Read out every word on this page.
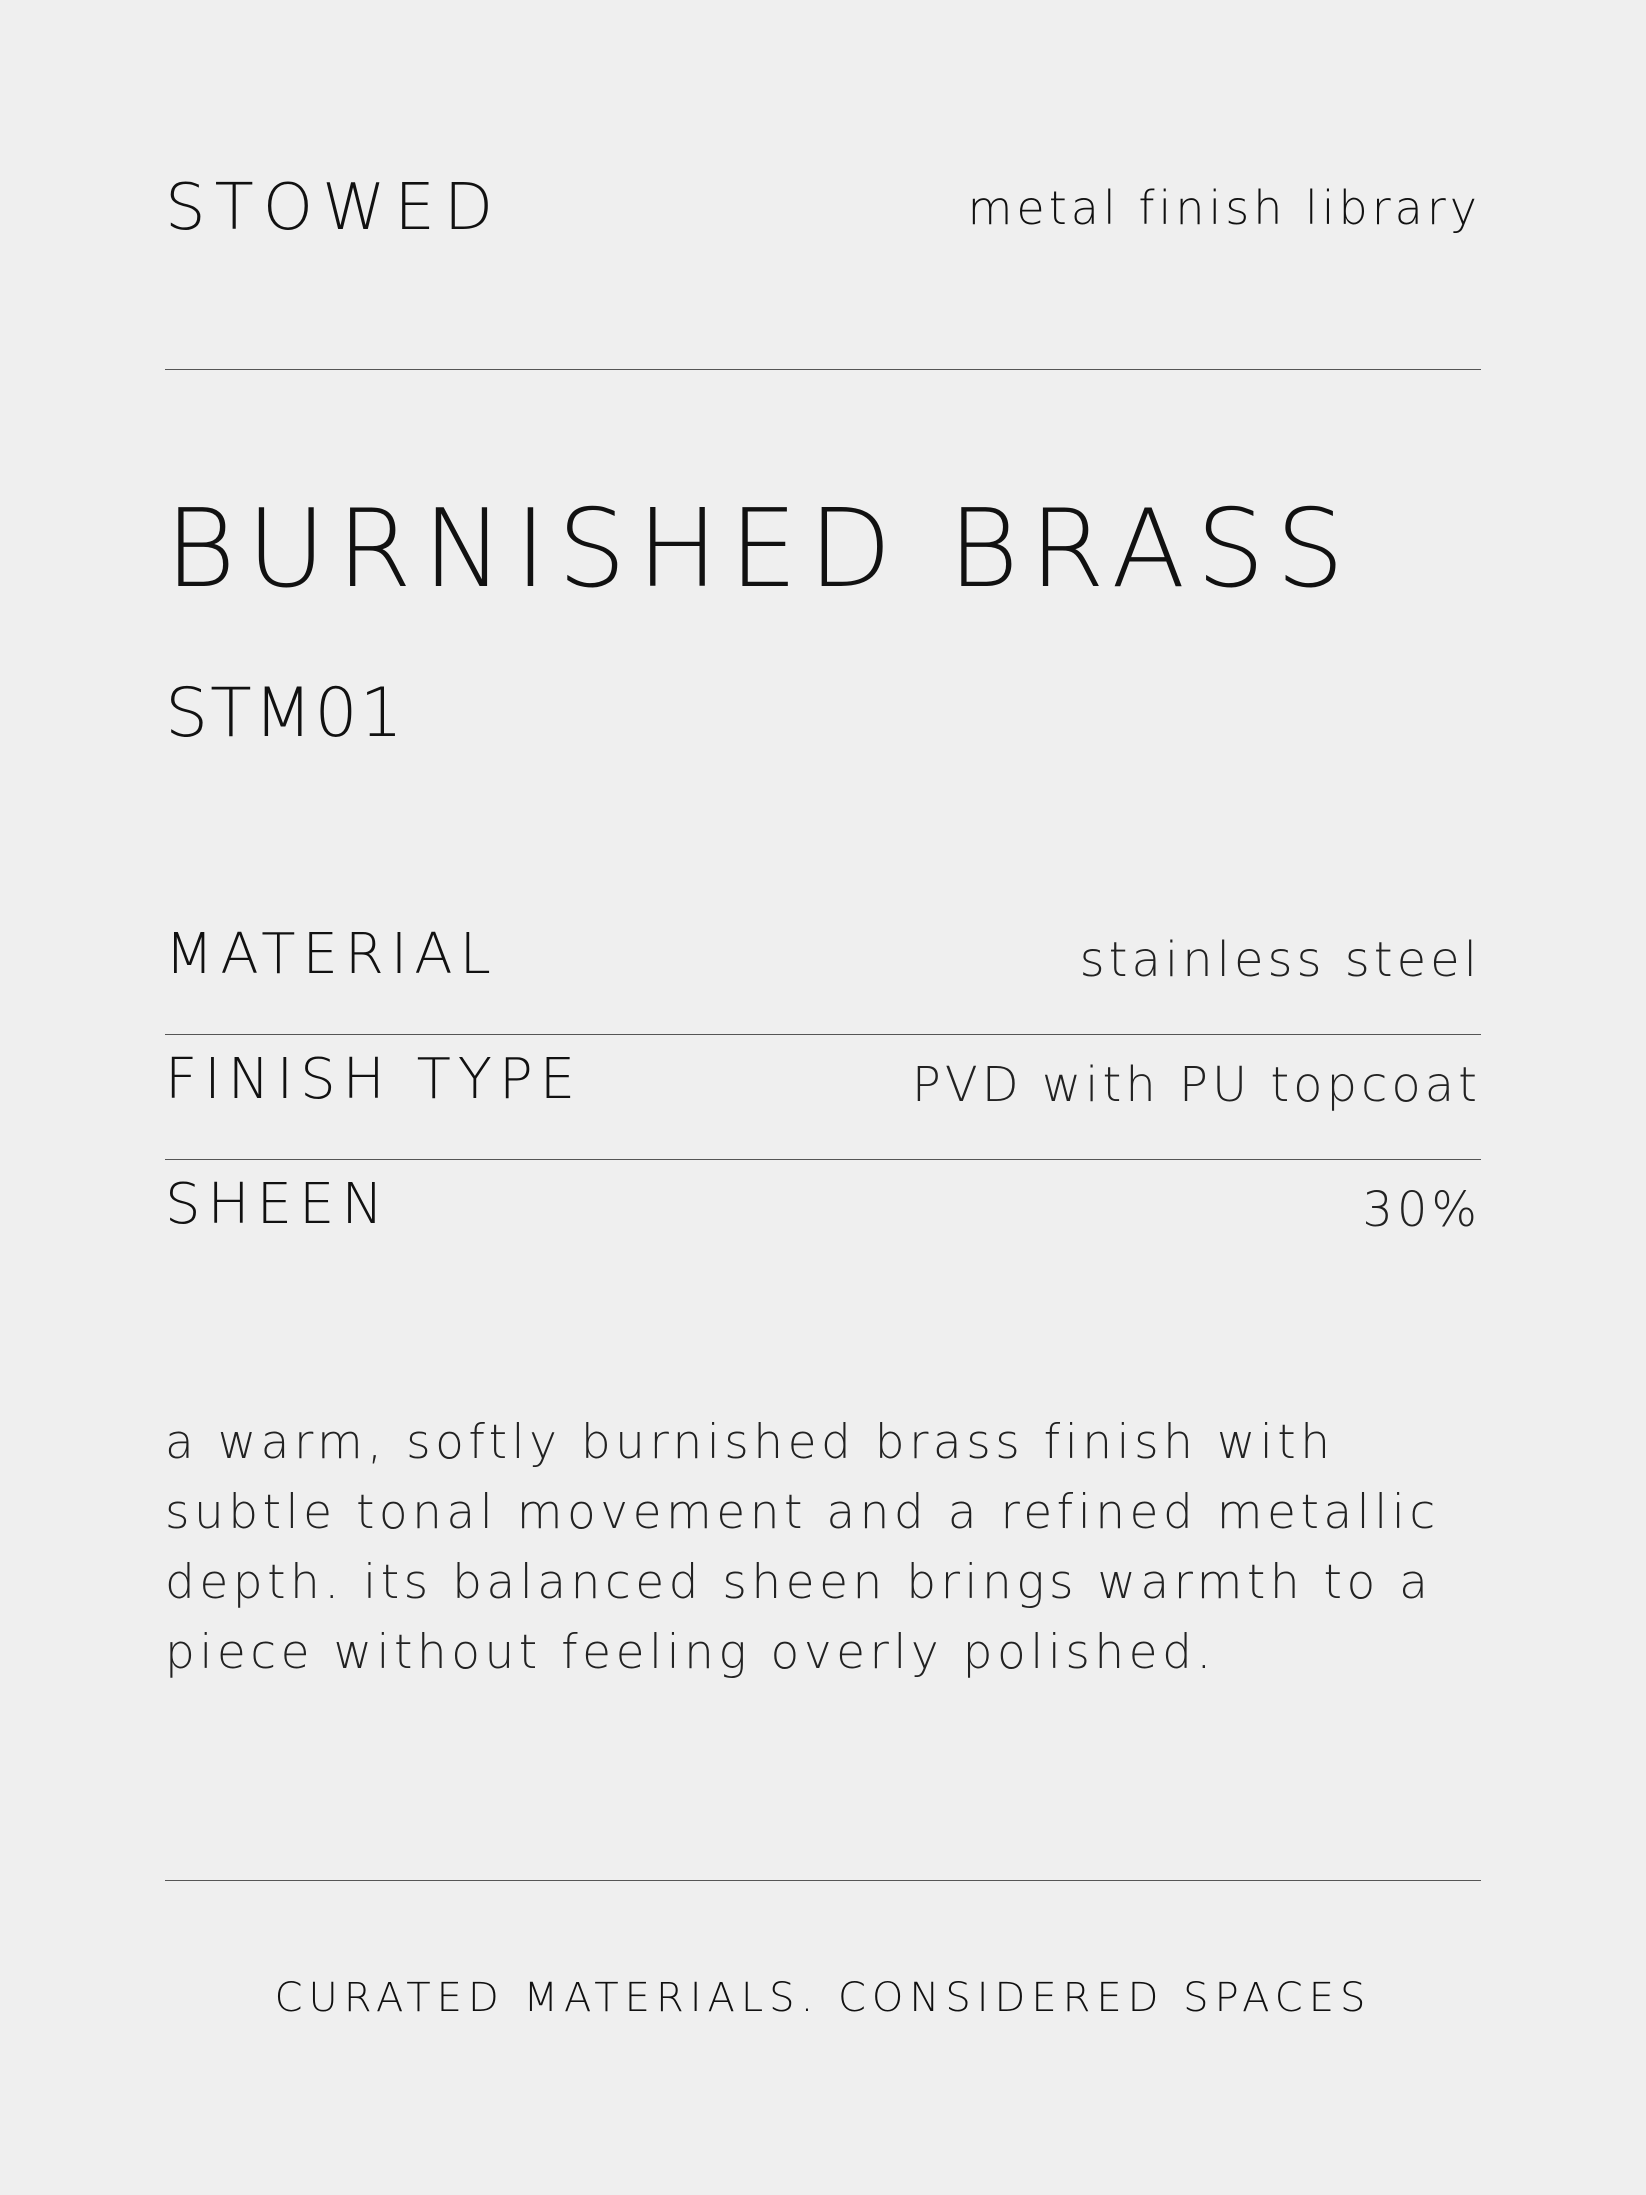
STOWED	metal finish library
BURNISHED BRASS
STM01
MATERIAL	stainless steel
FINISH TYPE	PVD with PU topcoat
SHEEN	30%

a warm, softly burnished brass finish with subtle tonal movement and a refined metallic depth. its balanced sheen brings warmth to a piece without feeling overly polished.

CURATED MATERIALS. CONSIDERED SPACES
